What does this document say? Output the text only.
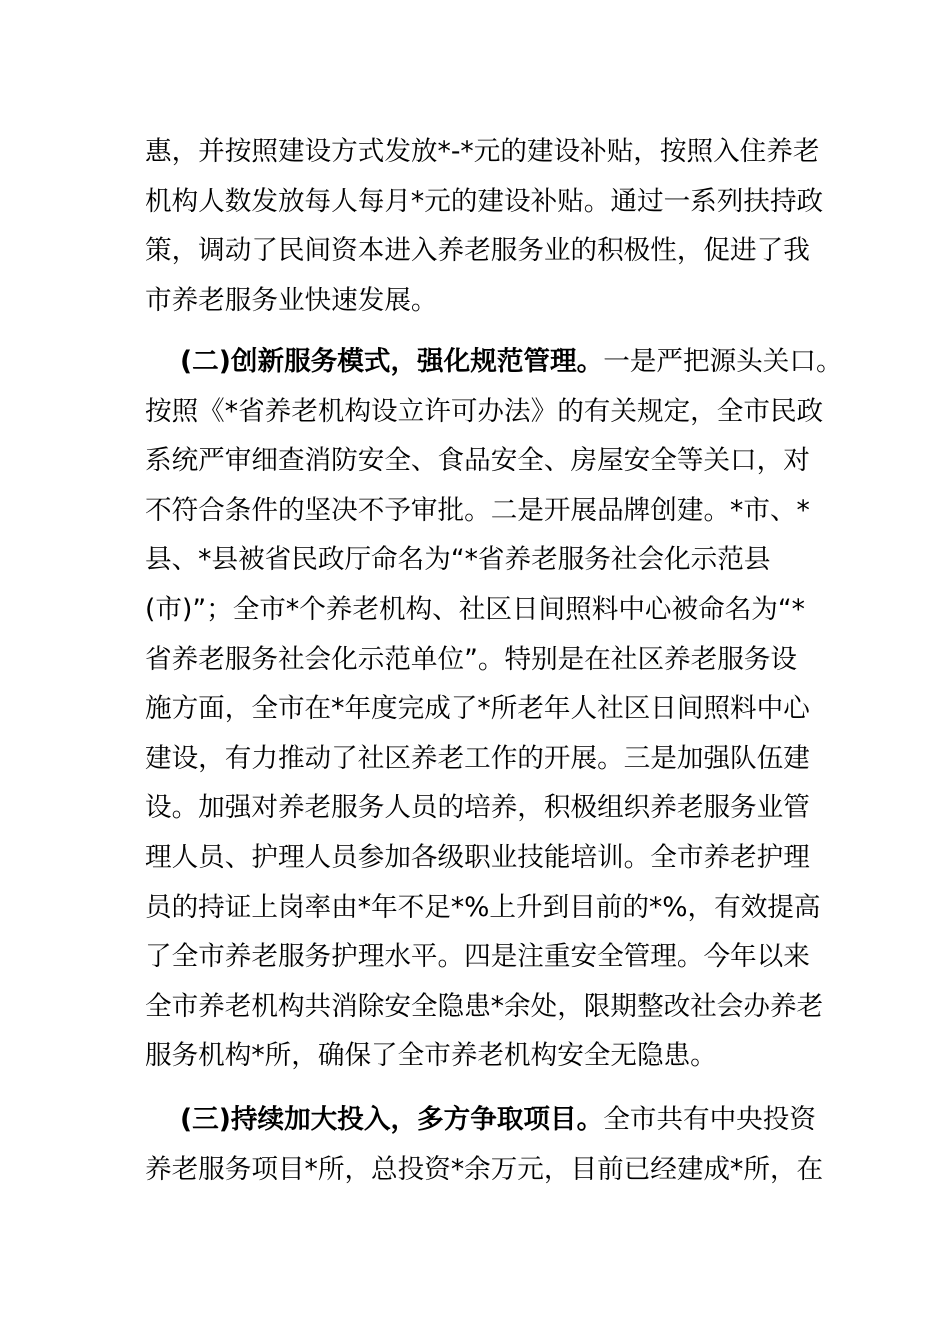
惠，并按照建设方式发放*-*元的建设补贴，按照入住养老
机构人数发放每人每月*元的建设补贴。通过一系列扶持政
策，调动了民间资本进入养老服务业的积极性，促进了我
市养老服务业快速发展。
(二)创新服务模式，强化规范管理。一是严把源头关口。
按照《*省养老机构设立许可办法》的有关规定，全市民政
系统严审细查消防安全、食品安全、房屋安全等关口，对
不符合条件的坚决不予审批。二是开展品牌创建。*市、*
县、*县被省民政厅命名为“*省养老服务社会化示范县
(市)”；全市*个养老机构、社区日间照料中心被命名为“*
省养老服务社会化示范单位”。特别是在社区养老服务设
施方面，全市在*年度完成了*所老年人社区日间照料中心
建设，有力推动了社区养老工作的开展。三是加强队伍建
设。加强对养老服务人员的培养，积极组织养老服务业管
理人员、护理人员参加各级职业技能培训。全市养老护理
员的持证上岗率由*年不足*%上升到目前的*%，有效提高
了全市养老服务护理水平。四是注重安全管理。今年以来
全市养老机构共消除安全隐患*余处，限期整改社会办养老
服务机构*所，确保了全市养老机构安全无隐患。
(三)持续加大投入，多方争取项目。全市共有中央投资
养老服务项目*所，总投资*余万元，目前已经建成*所，在
